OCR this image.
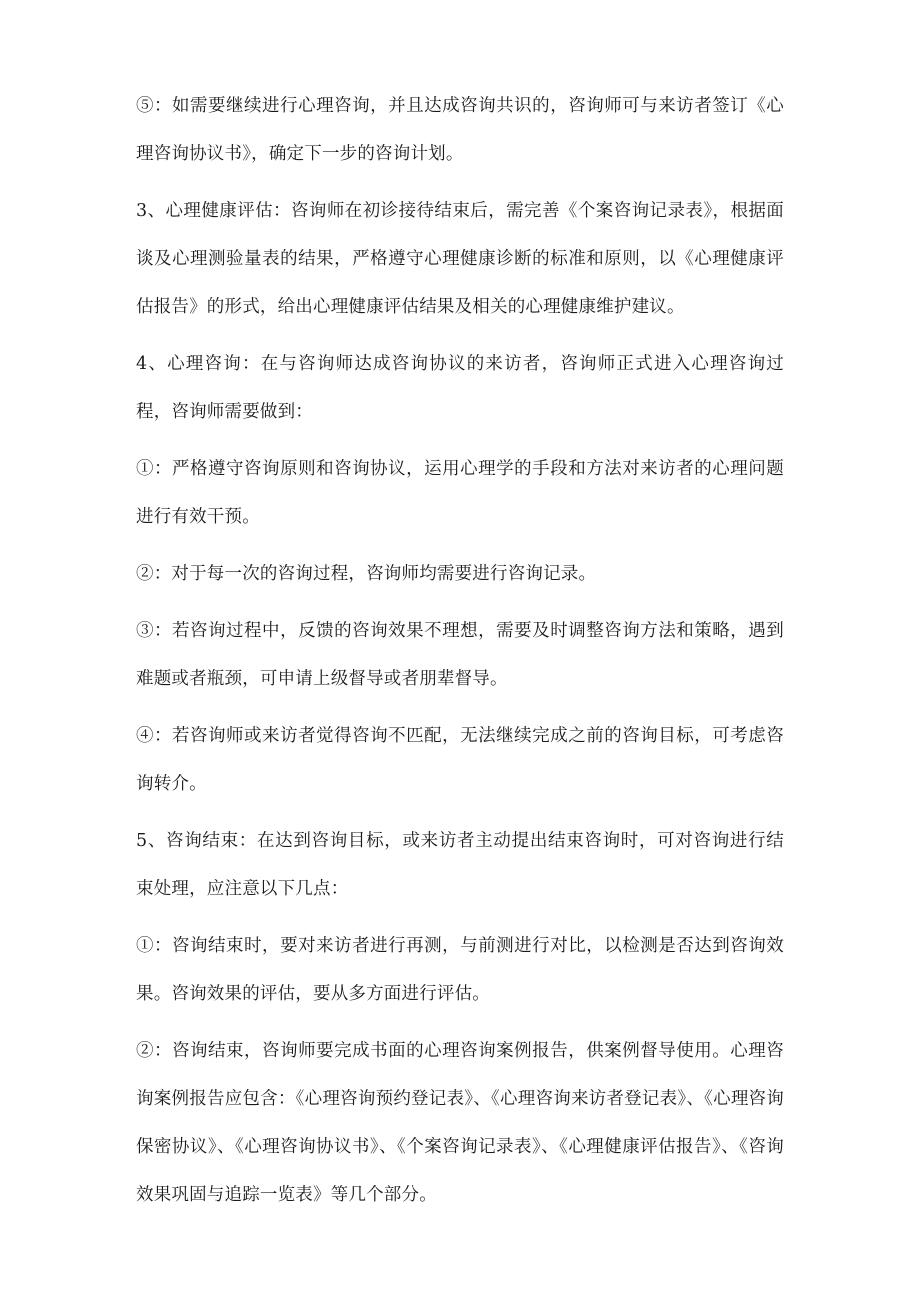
⑤：如需要继续进行心理咨询，并且达成咨询共识的，咨询师可与来访者签订《心理咨询协议书》，确定下一步的咨询计划。

3、心理健康评估：咨询师在初诊接待结束后，需完善《个案咨询记录表》，根据面谈及心理测验量表的结果，严格遵守心理健康诊断的标准和原则，以《心理健康评估报告》的形式，给出心理健康评估结果及相关的心理健康维护建议。

4、心理咨询：在与咨询师达成咨询协议的来访者，咨询师正式进入心理咨询过程，咨询师需要做到：

①：严格遵守咨询原则和咨询协议，运用心理学的手段和方法对来访者的心理问题进行有效干预。

②：对于每一次的咨询过程，咨询师均需要进行咨询记录。

③：若咨询过程中，反馈的咨询效果不理想，需要及时调整咨询方法和策略，遇到难题或者瓶颈，可申请上级督导或者朋辈督导。

④：若咨询师或来访者觉得咨询不匹配，无法继续完成之前的咨询目标，可考虑咨询转介。

5、咨询结束：在达到咨询目标，或来访者主动提出结束咨询时，可对咨询进行结束处理，应注意以下几点：

①：咨询结束时，要对来访者进行再测，与前测进行对比，以检测是否达到咨询效果。咨询效果的评估，要从多方面进行评估。

②：咨询结束，咨询师要完成书面的心理咨询案例报告，供案例督导使用。心理咨询案例报告应包含：《心理咨询预约登记表》、《心理咨询来访者登记表》、《心理咨询保密协议》、《心理咨询协议书》、《个案咨询记录表》、《心理健康评估报告》、《咨询效果巩固与追踪一览表》等几个部分。
